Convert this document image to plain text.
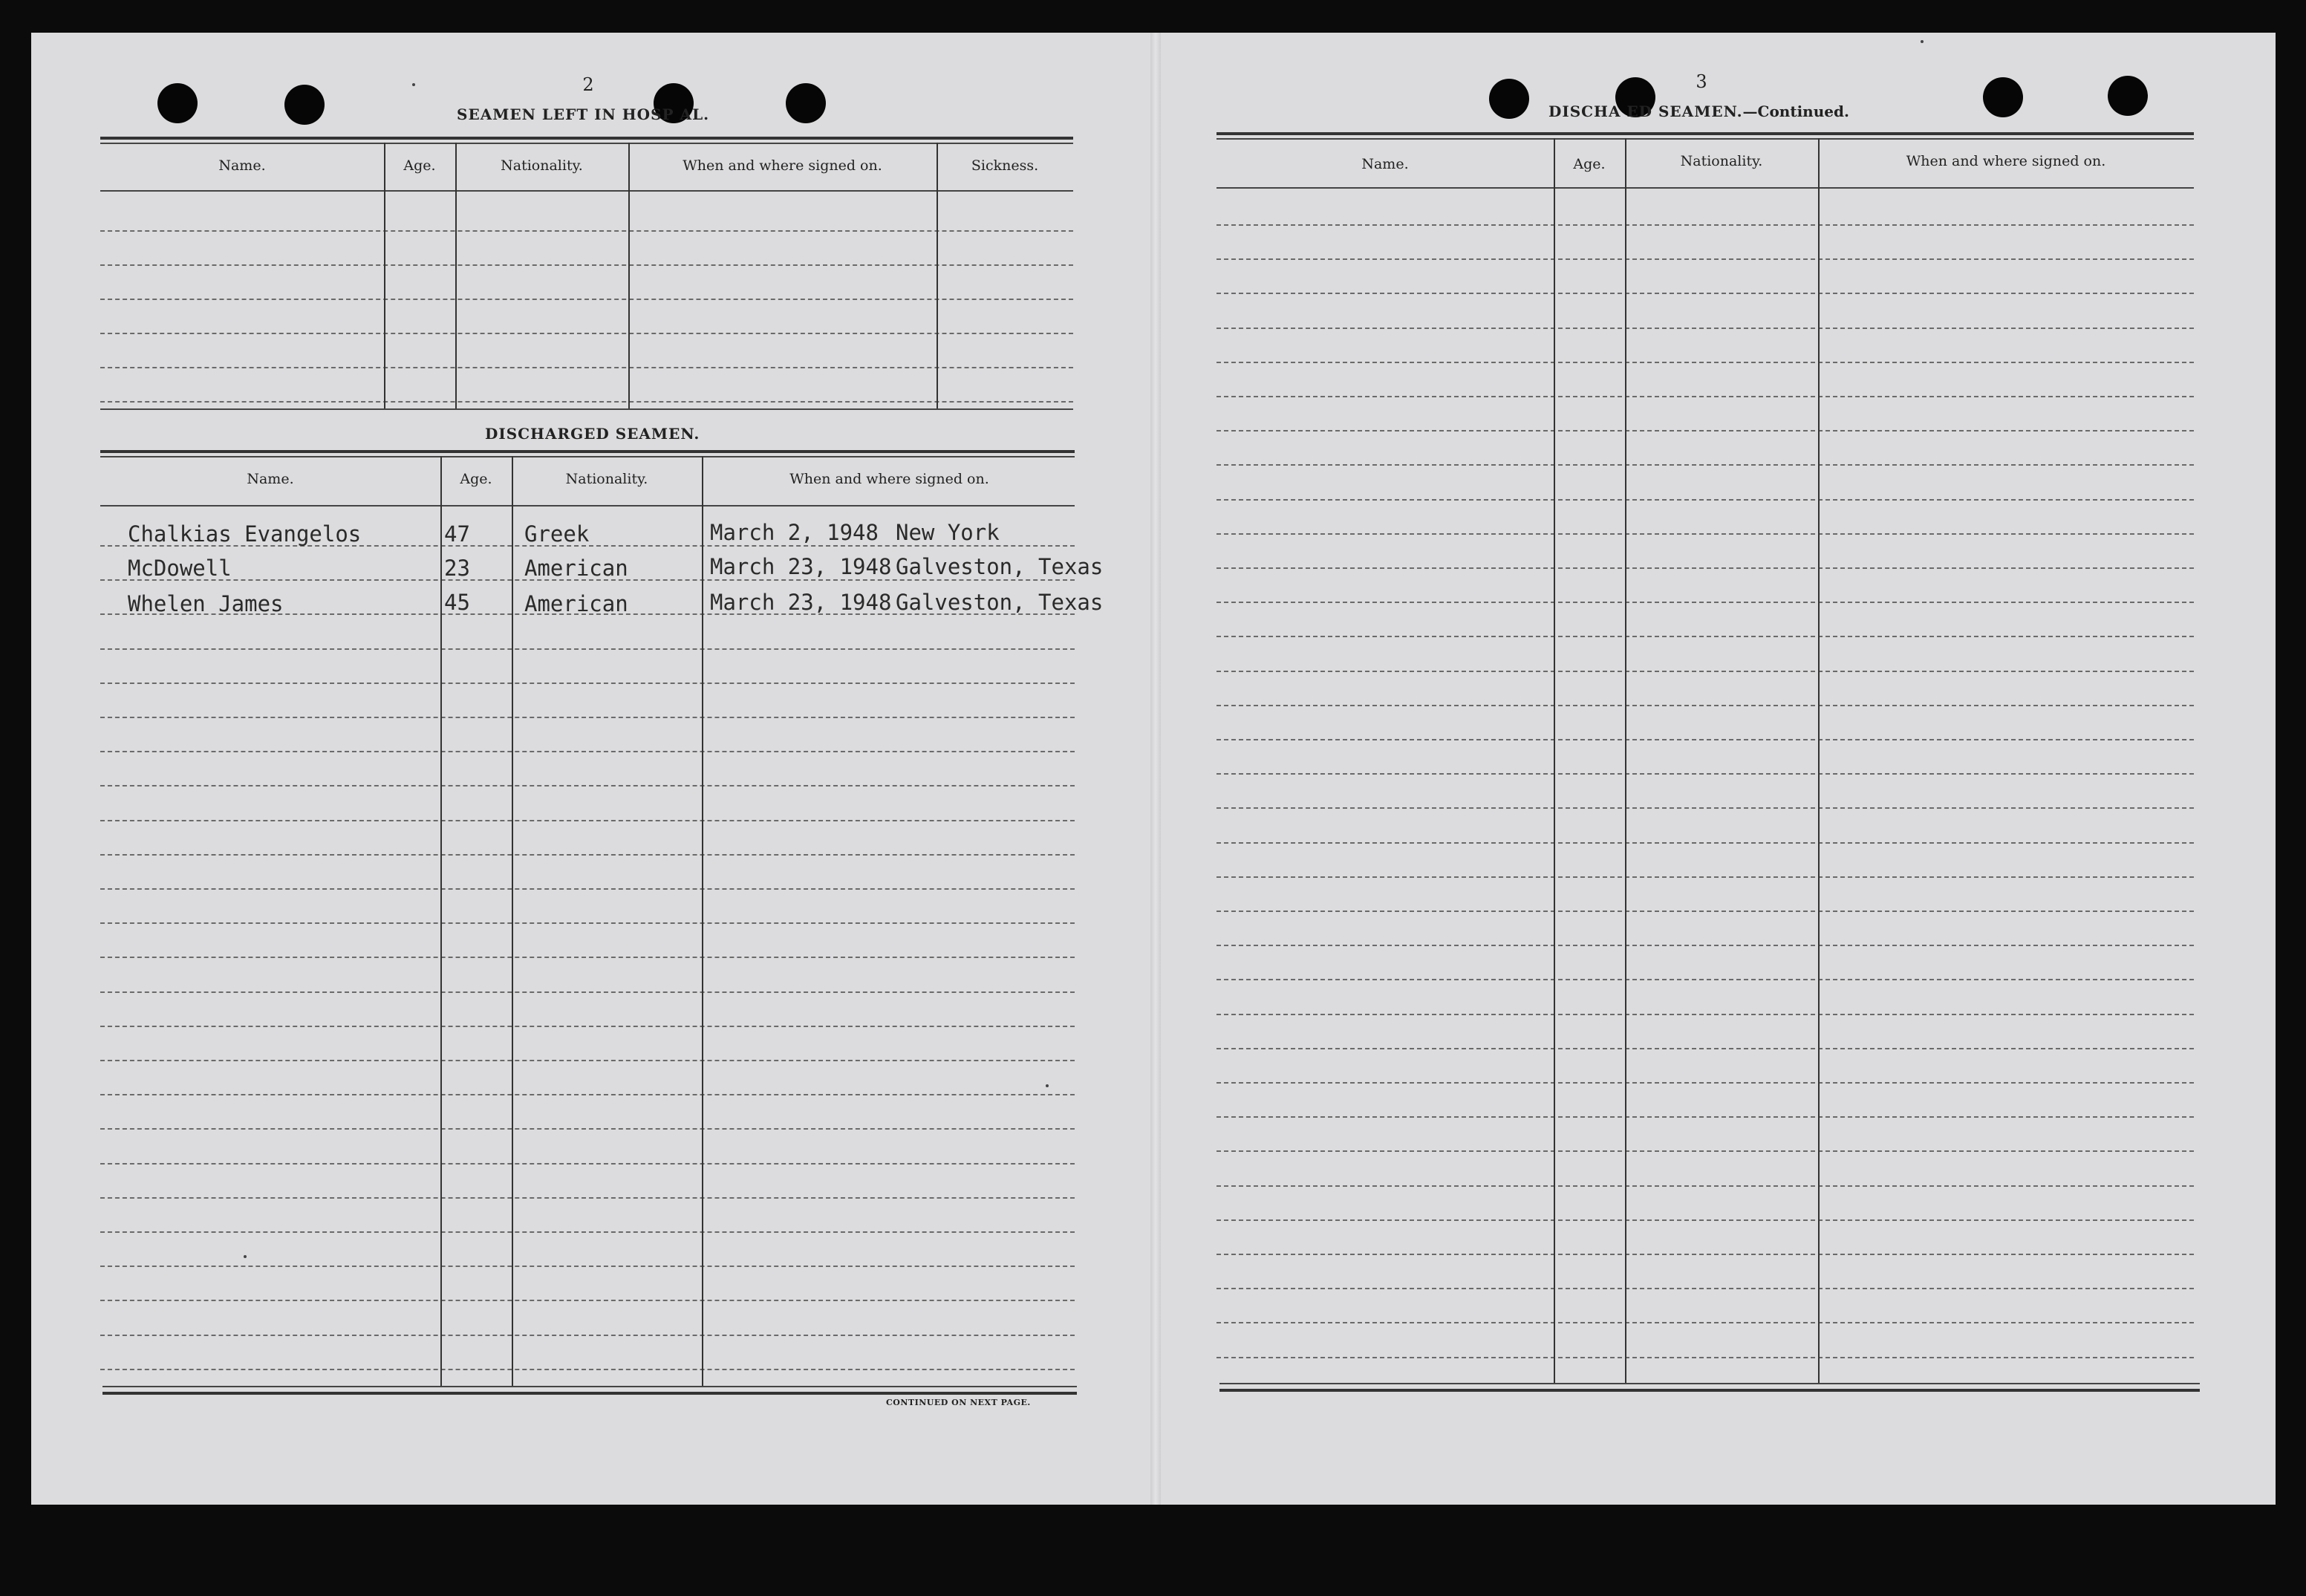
2
SEAMEN LEFT IN HOSP AL.
Name.	Age.	Nationality.	When and where signed on.	Sickness.
DISCHARGED SEAMEN.
Name.	Age.	Nationality.	When and where signed on.
Chalkias Evangelos	47	Greek	March 2, 1948 New York
McDowell	23	American	March 23, 1948 Galveston, Texas
Whelen James	45	American	March 23, 1948 Galveston, Texas
CONTINUED ON NEXT PAGE.
3
DISCHA ED SEAMEN.—Continued.
Name.	Age.	Nationality.	When and where signed on.
